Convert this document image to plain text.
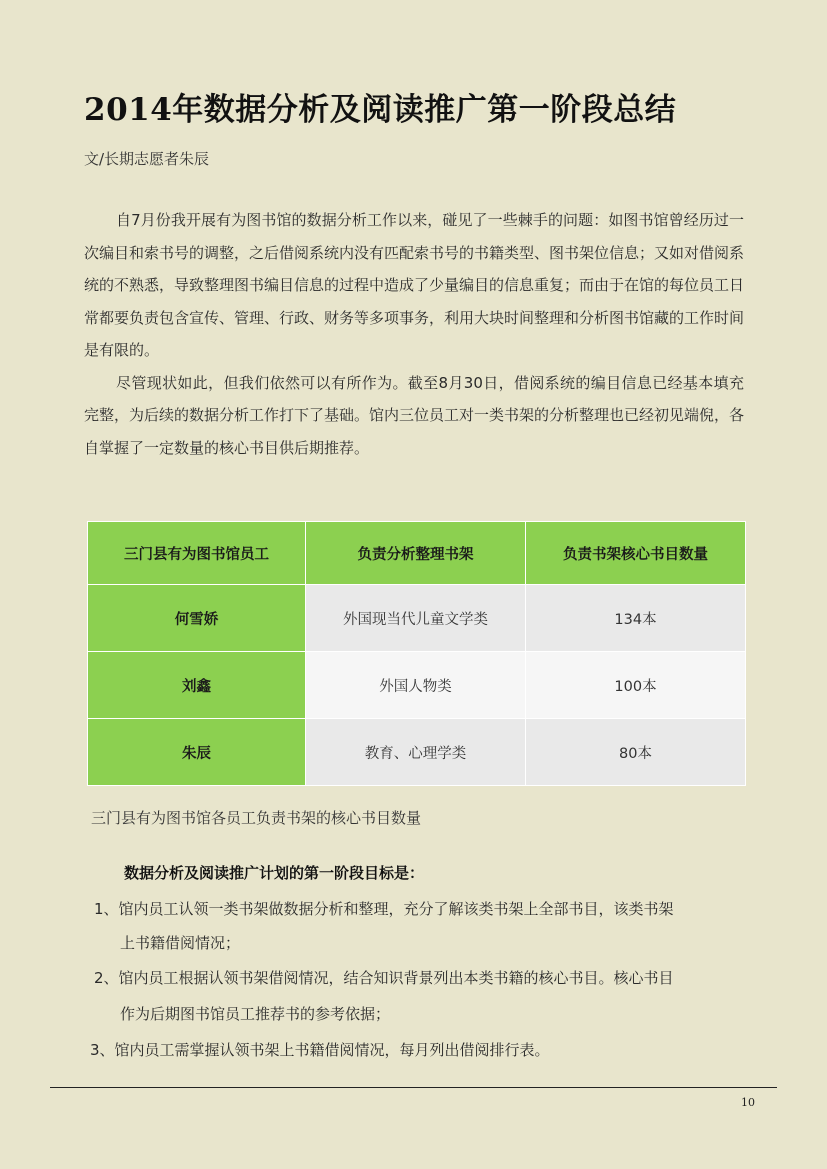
2014年数据分析及阅读推广第一阶段总结
文/长期志愿者朱辰

自7月份我开展有为图书馆的数据分析工作以来，碰见了一些棘手的问题：如图书馆曾经历过一次编目和索书号的调整，之后借阅系统内没有匹配索书号的书籍类型、图书架位信息；又如对借阅系统的不熟悉，导致整理图书编目信息的过程中造成了少量编目的信息重复；而由于在馆的每位员工日常都要负责包含宣传、管理、行政、财务等多项事务，利用大块时间整理和分析图书馆藏的工作时间是有限的。

尽管现状如此，但我们依然可以有所作为。截至8月30日，借阅系统的编目信息已经基本填充完整，为后续的数据分析工作打下了基础。馆内三位员工对一类书架的分析整理也已经初见端倪，各自掌握了一定数量的核心书目供后期推荐。

三门县有为图书馆员工	负责分析整理书架	负责书架核心书目数量
何雪娇	外国现当代儿童文学类	134本
刘鑫	外国人物类	100本
朱辰	教育、心理学类	80本
三门县有为图书馆各员工负责书架的核心书目数量
数据分析及阅读推广计划的第一阶段目标是：
1、馆内员工认领一类书架做数据分析和整理，充分了解该类书架上全部书目，该类书架
上书籍借阅情况；
2、馆内员工根据认领书架借阅情况，结合知识背景列出本类书籍的核心书目。核心书目
作为后期图书馆员工推荐书的参考依据；
3、馆内员工需掌握认领书架上书籍借阅情况，每月列出借阅排行表。
10
